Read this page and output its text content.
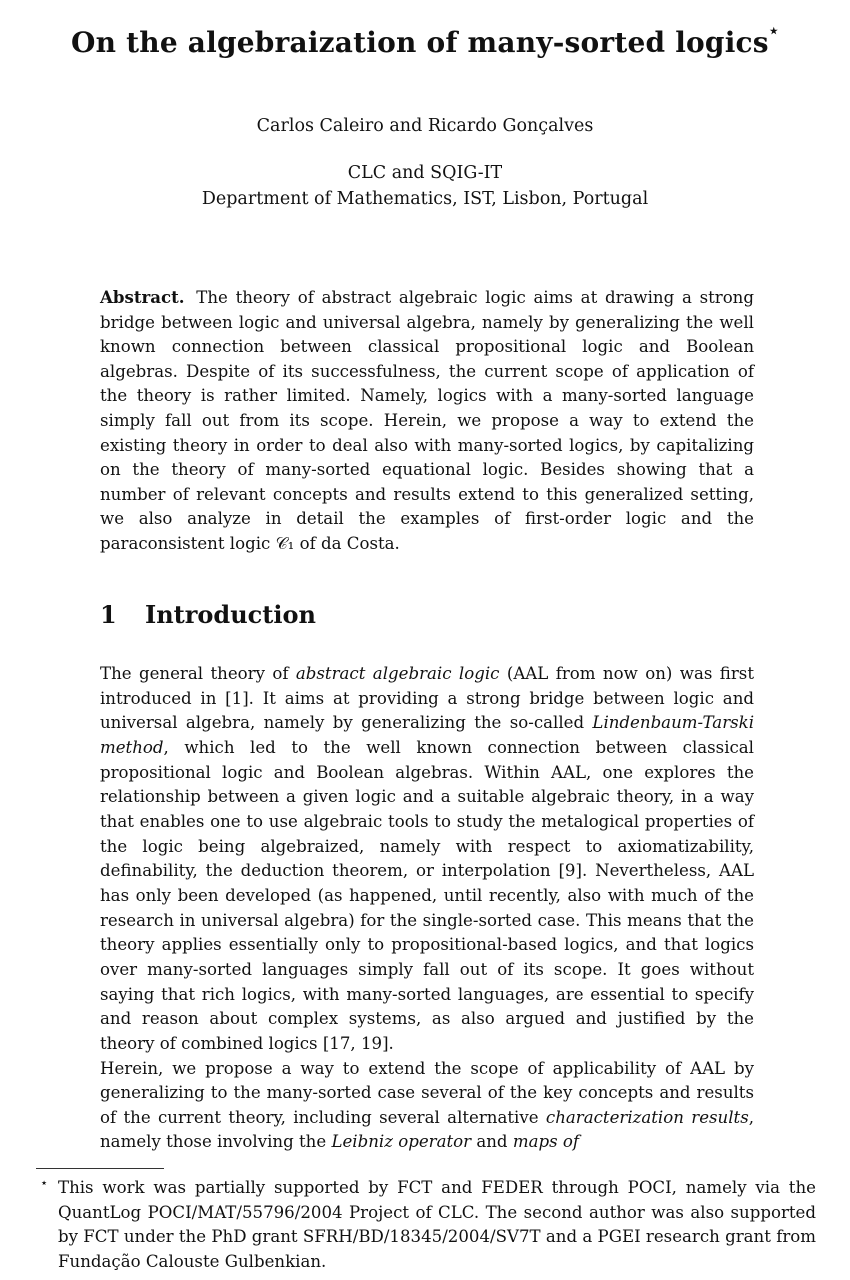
On the algebraization of many-sorted logics⋆
Carlos Caleiro and Ricardo Gonçalves
CLC and SQIG-IT
Department of Mathematics, IST, Lisbon, Portugal
Abstract. The theory of abstract algebraic logic aims at drawing a strong bridge between logic and universal algebra, namely by generalizing the well known connection between classical propositional logic and Boolean algebras. Despite of its successfulness, the current scope of application of the theory is rather limited. Namely, logics with a many-sorted language simply fall out from its scope. Herein, we propose a way to extend the existing theory in order to deal also with many-sorted logics, by capitalizing on the theory of many-sorted equational logic. Besides showing that a number of relevant concepts and results extend to this generalized setting, we also analyze in detail the examples of first-order logic and the paraconsistent logic 𝒞₁ of da Costa.
1 Introduction
The general theory of abstract algebraic logic (AAL from now on) was first introduced in [1]. It aims at providing a strong bridge between logic and universal algebra, namely by generalizing the so-called Lindenbaum-Tarski method, which led to the well known connection between classical propositional logic and Boolean algebras. Within AAL, one explores the relationship between a given logic and a suitable algebraic theory, in a way that enables one to use algebraic tools to study the metalogical properties of the logic being algebraized, namely with respect to axiomatizability, definability, the deduction theorem, or interpolation [9]. Nevertheless, AAL has only been developed (as happened, until recently, also with much of the research in universal algebra) for the single-sorted case. This means that the theory applies essentially only to propositional-based logics, and that logics over many-sorted languages simply fall out of its scope. It goes without saying that rich logics, with many-sorted languages, are essential to specify and reason about complex systems, as also argued and justified by the theory of combined logics [17, 19].
Herein, we propose a way to extend the scope of applicability of AAL by generalizing to the many-sorted case several of the key concepts and results of the current theory, including several alternative characterization results, namely those involving the Leibniz operator and maps of
⋆ This work was partially supported by FCT and FEDER through POCI, namely via the QuantLog POCI/MAT/55796/2004 Project of CLC. The second author was also supported by FCT under the PhD grant SFRH/BD/18345/2004/SV7T and a PGEI research grant from Fundação Calouste Gulbenkian.
